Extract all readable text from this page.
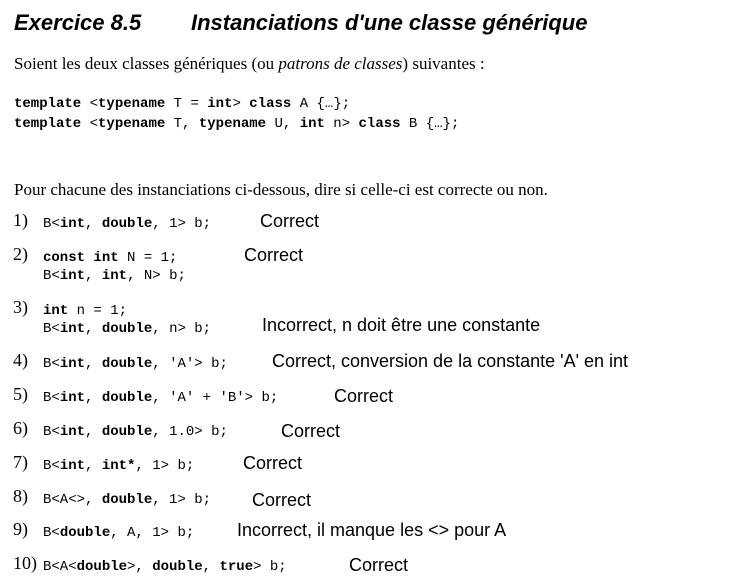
Exercice 8.5 Instanciations d'une classe générique
Soient les deux classes génériques (ou patrons de classes) suivantes :
template <typename T = int> class A {…};
template <typename T, typename U, int n> class B {…};
Pour chacune des instanciations ci-dessous, dire si celle-ci est correcte ou non.
1) B<int, double, 1> b;	Correct
2) const int N = 1;
B<int, int, N> b;
Correct
3) int n = 1;
B<int, double, n> b;	Incorrect, n doit être une constante
4) B<int, double, 'A'> b; Correct, conversion de la constante 'A' en int
5) B<int, double, 'A' + 'B'> b;	Correct
6) B<int, double, 1.0> b;	Correct
7) B<int, int*, 1> b;	Correct
8) B<A<>, double, 1> b; Correct
9) B<double, A, 1> b; Incorrect, il manque les <> pour A
10) B<A<double>, double, true> b;	Correct
